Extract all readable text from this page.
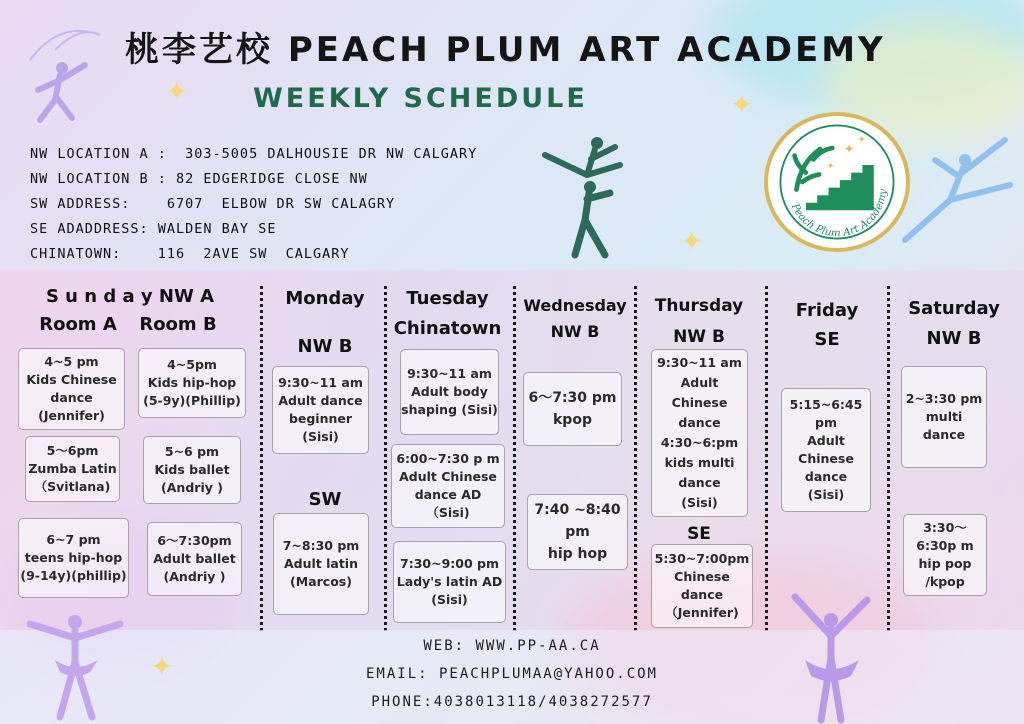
桃李艺校 PEACH PLUM ART ACADEMY
WEEKLY SCHEDULE
NW LOCATION A :  303-5005 DALHOUSIE DR NW CALGARY
NW LOCATION B : 82 EDGERIDGE CLOSE NW
SW ADDRESS:    6707  ELBOW DR SW CALAGRY
SE ADADDRESS: WALDEN BAY SE
CHINATOWN:    116  2AVE SW  CALGARY
✦	✦
✦
✦
✦
✦
Peach Plum Art Academy
S u n d a y NW A
Room A	Room B
4~5 pm
Kids Chinese
dance
(Jennifer)
5～6pm
Zumba Latin
（Svitlana)
6~7 pm
teens hip-hop
(9-14y)(phillip)
4~5pm
Kids hip-hop
(5-9y)(Phillip)
5~6 pm
Kids ballet
(Andriy )
6～7:30pm
Adult ballet
(Andriy )
Monday
NW B
9:30~11 am
Adult dance
beginner
(Sisi)
SW
7~8:30 pm
Adult latin
(Marcos)
Tuesday
Chinatown
9:30~11 am
Adult body
shaping (Sisi)
6:00~7:30 p m
Adult Chinese
dance AD
（Sisi)
7:30~9:00 pm
Lady's latin AD
(Sisi)
Wednesday
NW B
6～7:30 pm
kpop
7:40 ~8:40
pm
hip hop
Thursday
NW B
9:30~11 am
Adult
Chinese
dance
4:30~6:pm
kids multi
dance
(Sisi)
SE
5:30~7:00pm
Chinese
dance
（Jennifer)
Friday
SE
5:15~6:45
pm
Adult
Chinese
dance
(Sisi)
Saturday
NW B
2~3:30 pm
multi
dance
3:30～
6:30p m
hip pop
/kpop
✦
WEB: WWW.PP-AA.CA
EMAIL: PEACHPLUMAA@YAHOO.COM
PHONE:4038013118/4038272577
